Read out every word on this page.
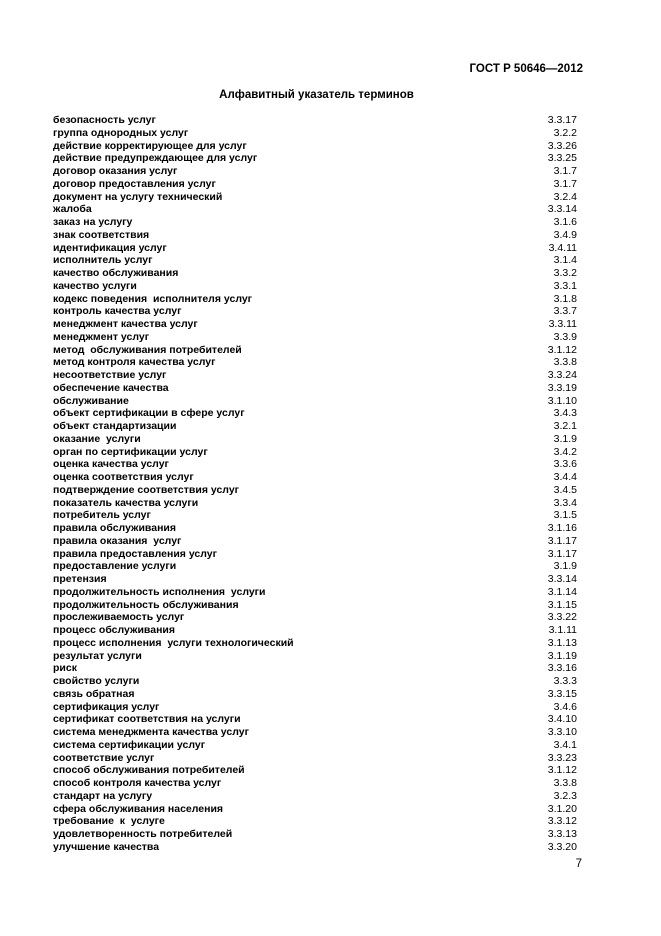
ГОСТ Р 50646—2012
Алфавитный указатель терминов
безопасность услуг	3.3.17
группа однородных услуг	3.2.2
действие корректирующее для услуг	3.3.26
действие предупреждающее для услуг	3.3.25
договор оказания услуг	3.1.7
договор предоставления услуг	3.1.7
документ на услугу технический	3.2.4
жалоба	3.3.14
заказ на услугу	3.1.6
знак соответствия	3.4.9
идентификация услуг	3.4.11
исполнитель услуг	3.1.4
качество обслуживания	3.3.2
качество услуги	3.3.1
кодекс поведения  исполнителя услуг	3.1.8
контроль качества услуг	3.3.7
менеджмент качества услуг	3.3.11
менеджмент услуг	3.3.9
метод  обслуживания потребителей	3.1.12
метод контроля качества услуг	3.3.8
несоответствие услуг	3.3.24
обеспечение качества	3.3.19
обслуживание	3.1.10
объект сертификации в сфере услуг	3.4.3
объект стандартизации	3.2.1
оказание  услуги	3.1.9
орган по сертификации услуг	3.4.2
оценка качества услуг	3.3.6
оценка соответствия услуг	3.4.4
подтверждение соответствия услуг	3.4.5
показатель качества услуги	3.3.4
потребитель услуг	3.1.5
правила обслуживания	3.1.16
правила оказания  услуг	3.1.17
правила предоставления услуг	3.1.17
предоставление услуги	3.1.9
претензия	3.3.14
продолжительность исполнения  услуги	3.1.14
продолжительность обслуживания	3.1.15
прослеживаемость услуг	3.3.22
процесс обслуживания	3.1.11
процесс исполнения  услуги технологический	3.1.13
результат услуги	3.1.19
риск	3.3.16
свойство услуги	3.3.3
связь обратная	3.3.15
сертификация услуг	3.4.6
сертификат соответствия на услуги	3.4.10
система менеджмента качества услуг	3.3.10
система сертификации услуг	3.4.1
соответствие услуг	3.3.23
способ обслуживания потребителей	3.1.12
способ контроля качества услуг	3.3.8
стандарт на услугу	3.2.3
сфера обслуживания населения	3.1.20
требование  к  услуге	3.3.12
удовлетворенность потребителей	3.3.13
улучшение качества	3.3.20
7
